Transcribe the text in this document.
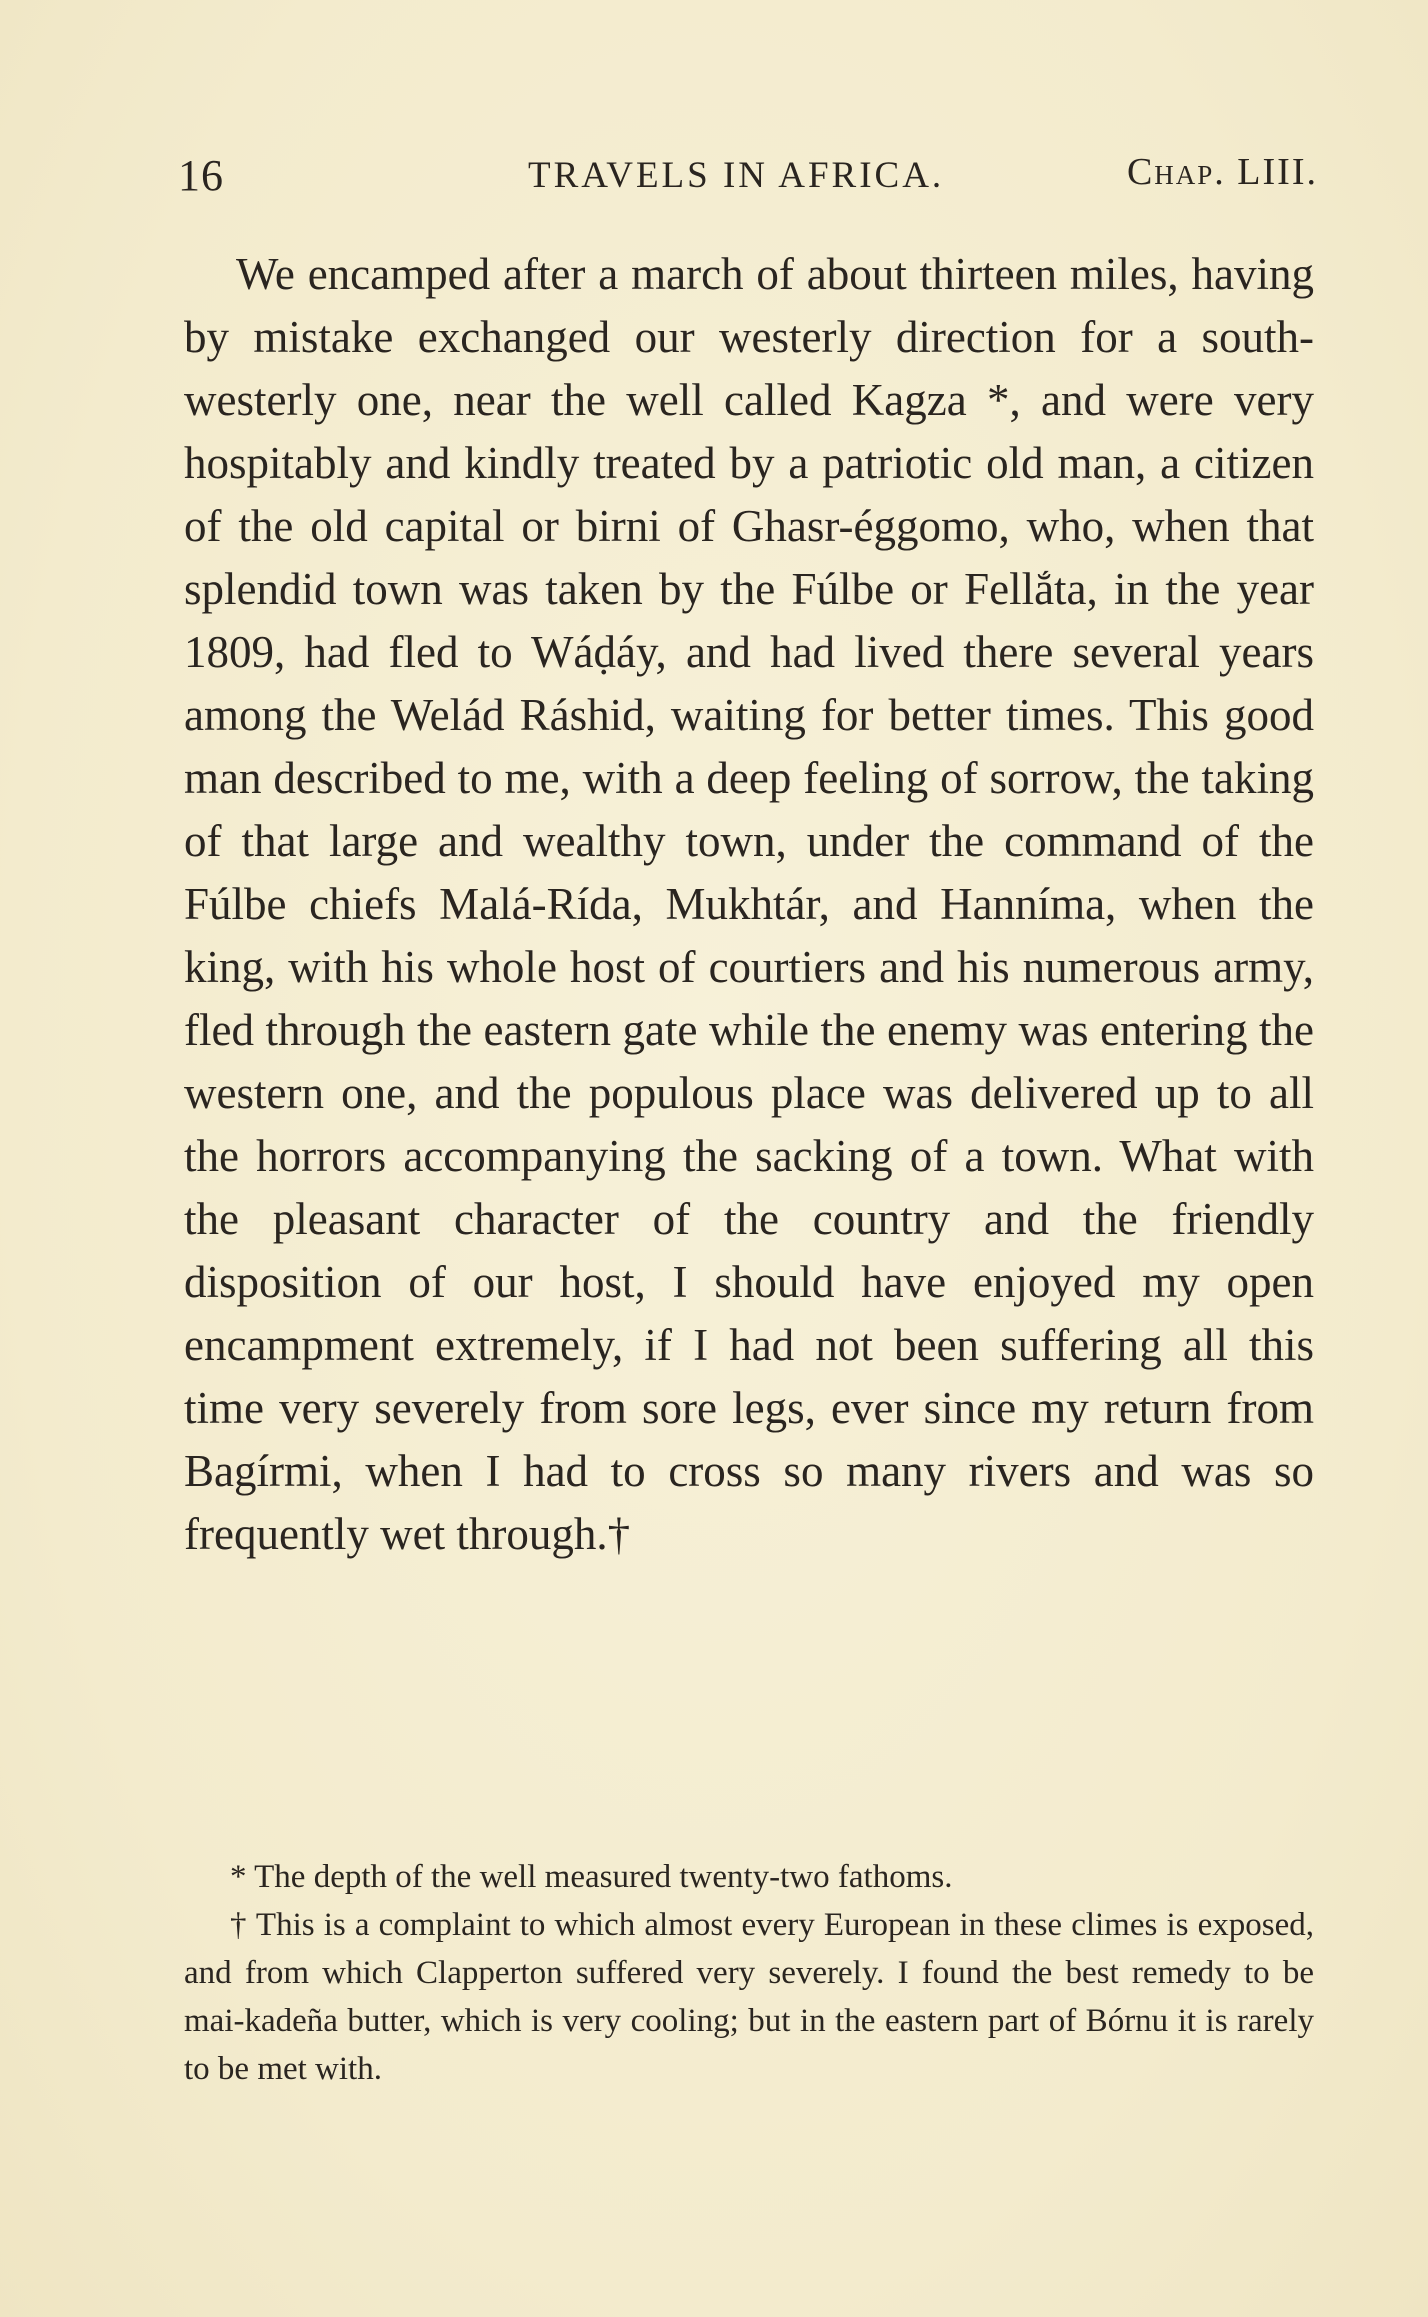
16	TRAVELS IN AFRICA.	Chap. LIII.

We encamped after a march of about thirteen miles, having by mistake exchanged our westerly direction for a south-westerly one, near the well called Kagza *, and were very hospitably and kindly treated by a patriotic old man, a citizen of the old capital or birni of Ghasr-éggomo, who, when that splendid town was taken by the Fúlbe or Fellắta, in the year 1809, had fled to Wáḍáy, and had lived there several years among the Welád Ráshid, waiting for better times. This good man described to me, with a deep feeling of sorrow, the taking of that large and wealthy town, under the command of the Fúlbe chiefs Malá-Rída, Mukhtár, and Hanníma, when the king, with his whole host of courtiers and his numerous army, fled through the eastern gate while the enemy was entering the western one, and the populous place was delivered up to all the horrors accompanying the sacking of a town. What with the pleasant character of the country and the friendly disposition of our host, I should have enjoyed my open encampment extremely, if I had not been suffering all this time very severely from sore legs, ever since my return from Bagírmi, when I had to cross so many rivers and was so frequently wet through.†

* The depth of the well measured twenty-two fathoms.

† This is a complaint to which almost every European in these climes is exposed, and from which Clapperton suffered very severely. I found the best remedy to be mai-kadeña butter, which is very cooling; but in the eastern part of Bórnu it is rarely to be met with.
